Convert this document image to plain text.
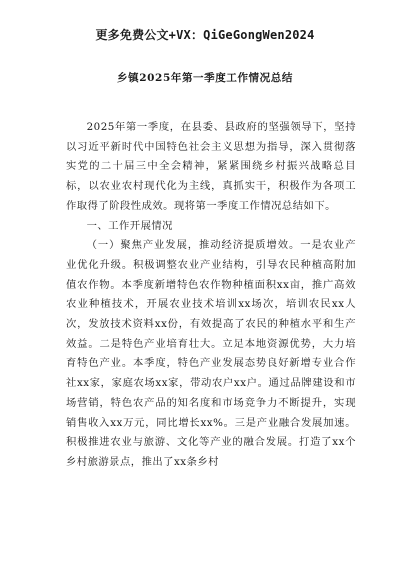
更多免费公文+VX：QiGeGongWen2024
乡镇2025年第一季度工作情况总结

2025年第一季度，在县委、县政府的坚强领导下，坚持以习近平新时代中国特色社会主义思想为指导，深入贯彻落实党的二十届三中全会精神，紧紧围绕乡村振兴战略总目标，以农业农村现代化为主线，真抓实干，积极作为各项工作取得了阶段性成效。现将第一季度工作情况总结如下。

一、工作开展情况

（一）聚焦产业发展，推动经济提质增效。一是农业产业优化升级。积极调整农业产业结构，引导农民种植高附加值农作物。本季度新增特色农作物种植面积xx亩，推广高效农业种植技术，开展农业技术培训xx场次，培训农民xx人次，发放技术资料xx份，有效提高了农民的种植水平和生产效益。二是特色产业培育壮大。立足本地资源优势，大力培育特色产业。本季度，特色产业发展态势良好新增专业合作社xx家，家庭农场xx家，带动农户xx户。通过品牌建设和市场营销，特色农产品的知名度和市场竞争力不断提升，实现销售收入xx万元，同比增长xx%。三是产业融合发展加速。积极推进农业与旅游、文化等产业的融合发展。打造了xx个乡村旅游景点，推出了xx条乡村
